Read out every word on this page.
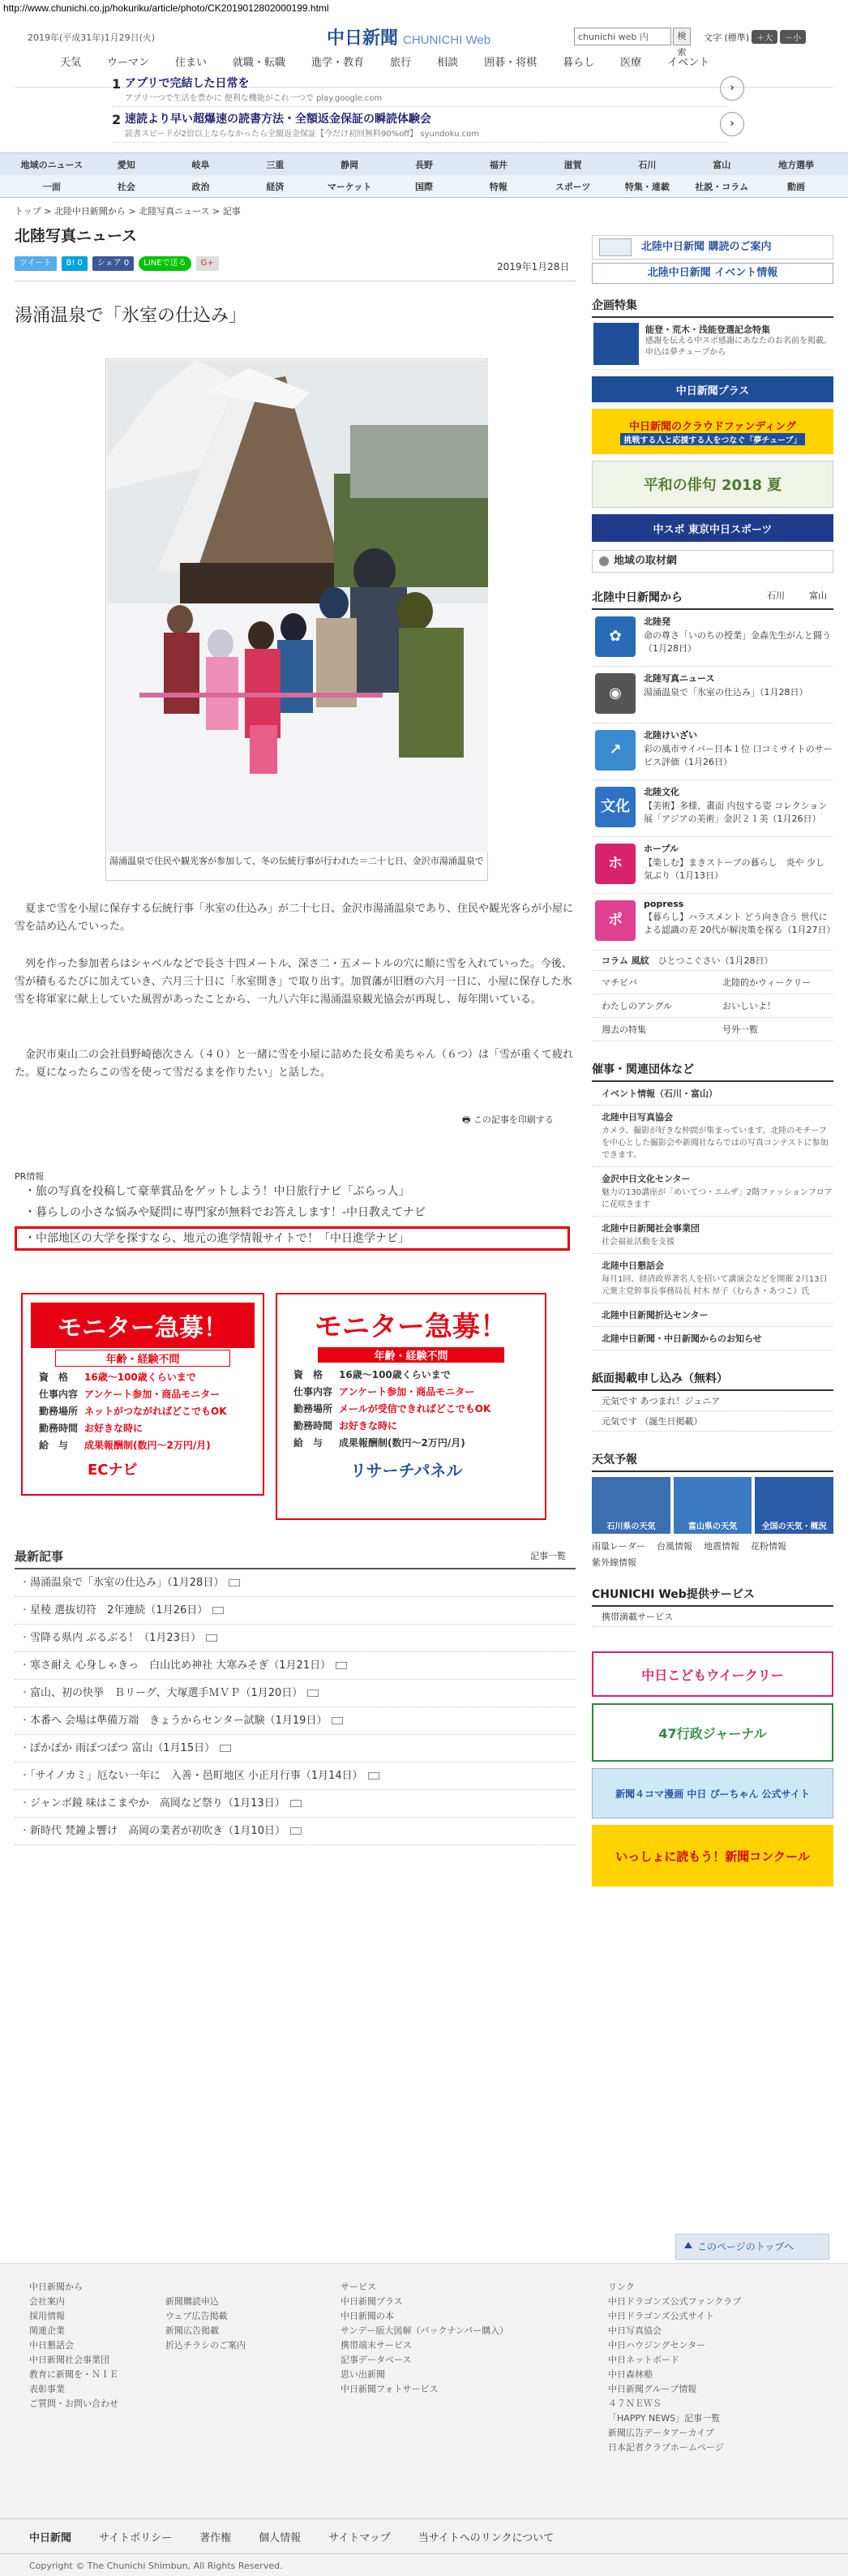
http://www.chunichi.co.jp/hokuriku/article/photo/CK2019012802000199.html
2019年(平成31年)1月29日(火)	中日新聞 CHUNICHI Web	chunichi web 内	検索
文字 (標準) ＋大 －小
天気	ウーマン	住まい	就職・転職	進学・教育	旅行	相談	囲碁・将棋	暮らし	医療	イベント
1 アプリで完結した日常を
アプリ一つで生活を豊かに 便利な機能がこれ一つで play.google.com
›
2 速読より早い超爆速の読書方法・全額返金保証の瞬読体験会
読書スピードが2倍以上ならなかったら全額返金保証【今だけ初回無料90%off】 syundoku.com
›
地域のニュース	愛知	岐阜	三重	静岡	長野	福井	滋賀	石川	富山	地方選挙
一面	社会	政治	経済	マーケット	国際	特報	スポーツ	特集・連載	社説・コラム	動画
トップ > 北陸中日新聞から > 北陸写真ニュース > 記事
北陸写真ニュース
ツイート	B! 0	シェア 0	LINEで送る	G+	2019年1月28日
湯涌温泉で「氷室の仕込み」
湯涌温泉で住民や観光客が参加して、冬の伝統行事が行われた＝二十七日、金沢市湯涌温泉で
夏まで雪を小屋に保存する伝統行事「氷室の仕込み」が二十七日、金沢市湯涌温泉であり、住民や観光客らが小屋に雪を詰め込んでいった。
列を作った参加者らはシャベルなどで長さ十四メートル、深さ二・五メートルの穴に順に雪を入れていった。今後、雪が積もるたびに加えていき、六月三十日に「氷室開き」で取り出す。加賀藩が旧暦の六月一日に、小屋に保存した氷雪を将軍家に献上していた風習があったことから、一九八六年に湯涌温泉観光協会が再現し、毎年開いている。
金沢市東山二の会社員野崎徳次さん（４０）と一緒に雪を小屋に詰めた長女希美ちゃん（６つ）は「雪が重くて疲れた。夏になったらこの雪を使って雪だるまを作りたい」と話した。
🖶 この記事を印刷する
PR情報
・旅の写真を投稿して豪華賞品をゲットしよう！中日旅行ナビ「ぶらっ人」
・暮らしの小さな悩みや疑問に専門家が無料でお答えします！-中日教えてナビ
・中部地区の大学を探すなら、地元の進学情報サイトで！「中日進学ナビ」
モニター急募！
年齢・経験不問
資　格	16歳～100歳くらいまで
仕事内容	アンケート参加・商品モニター
勤務場所	ネットがつながればどこでもOK
勤務時間	お好きな時に
給　与	成果報酬制(数円～2万円/月)
ECナビ
モニター急募！
年齢・経験不問
資　格	16歳～100歳くらいまで
仕事内容	アンケート参加・商品モニター
勤務場所	メールが受信できればどこでもOK
勤務時間	お好きな時に
給　与	成果報酬制(数円～2万円/月)
リサーチパネル
最新記事	記事一覧
・湯涌温泉で「氷室の仕込み」（1月28日）
・星稜 選抜切符　2年連続（1月26日）
・雪降る県内 ぶるぶる！（1月23日）
・寒さ耐え 心身しゃきっ　白山比め神社 大寒みそぎ（1月21日）
・富山、初の快挙　Ｂリーグ、大塚選手ＭＶＰ（1月20日）
・本番へ 会場は準備万端　きょうからセンター試験（1月19日）
・ぽかぽか 雨ぽつぽつ 富山（1月15日）
・「サイノカミ」厄ない一年に　入善・邑町地区 小正月行事（1月14日）
・ジャンボ鏡 味はこまやか　高岡など祭り（1月13日）
・新時代 梵鐘よ響け　高岡の業者が初吹き（1月10日）
北陸中日新聞 購読のご案内
北陸中日新聞 イベント情報
企画特集
能登・荒木・浅能登選記念特集
感謝を伝える中スポ感謝にあなたのお名前を掲載。申込は夢チューブから
中日新聞プラス
中日新聞のクラウドファンディング
挑戦する人と応援する人をつなぐ「夢チューブ」
平和の俳句 2018 夏
中スポ 東京中日スポーツ
地域の取材網
北陸中日新聞から	石川	富山
✿
北陸発
命の尊さ「いのちの授業」金森先生がんと闘う（1月28日）
◉
北陸写真ニュース
湯涌温泉で「氷室の仕込み」（1月28日）
↗
北陸けいざい
彩の風市サイバー日本１位 口コミサイトのサービス評価（1月26日）
文化
北陸文化
【美術】多様、畫面 内包する姿 コレクション展「アジアの美術」金沢２１美（1月26日）
ホ
ホープル
【楽しむ】まきストーブの暮らし　炎や 少し 気ぶり（1月13日）
ポ
popress
【暮らし】ハラスメント どう向き合う 世代による認識の差 20代が解決策を探る（1月27日）
コラム 風紋　 ひとつこぐさい（1月28日）
マチビバ	北陸的かウィークリー
わたしのアングル	おいしいよ！
週去の特集	号外一覧
催事・関連団体など
イベント情報（石川・富山）
北陸中日写真協会
カメラ、撮影が好きな仲間が集まっています。北陸のモチーフを中心とした撮影会や新聞社ならではの写真コンテストに参加できます。
金沢中日文化センター
魅力の130講座が「めいてつ・エムザ」2階ファッションフロアに花咲きます
北陸中日新聞社会事業団
社会福祉活動を支援
北陸中日懇話会
毎月1回、経済政界著名人を招いて講演会などを開催 2月13日 元衆主党幹事長事務局長 村木 厚子（むらき・あつこ）氏
北陸中日新聞折込センター
北陸中日新聞・中日新聞からのお知らせ
紙面掲載申し込み（無料）
元気です あつまれ！ジュニア
元気です （誕生日掲載）
天気予報
石川県の天気	富山県の天気	全国の天気・概況
雨量レーダー 台風情報 地震情報 花粉情報紫外線情報
CHUNICHI Web提供サービス
携帯満載サービス
中日こどもウイークリー
47行政ジャーナル
新聞４コマ漫画 中日 ぴーちゃん 公式サイト
いっしょに読もう！新聞コンクール
このページのトップへ
中日新聞から
会社案内
採用情報
関連企業
中日懇話会
中日新聞社会事業団
教育に新聞を・ＮＩＥ
表彰事業
ご質問・お問い合わせ
新聞購読申込
ウェブ広告掲載
新聞広告掲載
折込チラシのご案内
サービス
中日新聞プラス
中日新聞の本
サンデー版大図解（バックナンバー購入）
携帯端末サービス
記事データベース
思い出新聞
中日新聞フォトサービス
リンク
中日ドラゴンズ公式ファンクラブ
中日ドラゴンズ公式サイト
中日写真協会
中日ハウジングセンター
中日ネットボード
中日森林塾
中日新聞グループ情報
４７ＮＥＷＳ
「HAPPY NEWS」記事一覧
新聞広告データアーカイブ
日本記者クラブホームページ
中日新聞	サイトポリシー	著作権	個人情報	サイトマップ	当サイトへのリンクについて
Copyright © The Chunichi Shimbun, All Rights Reserved.
